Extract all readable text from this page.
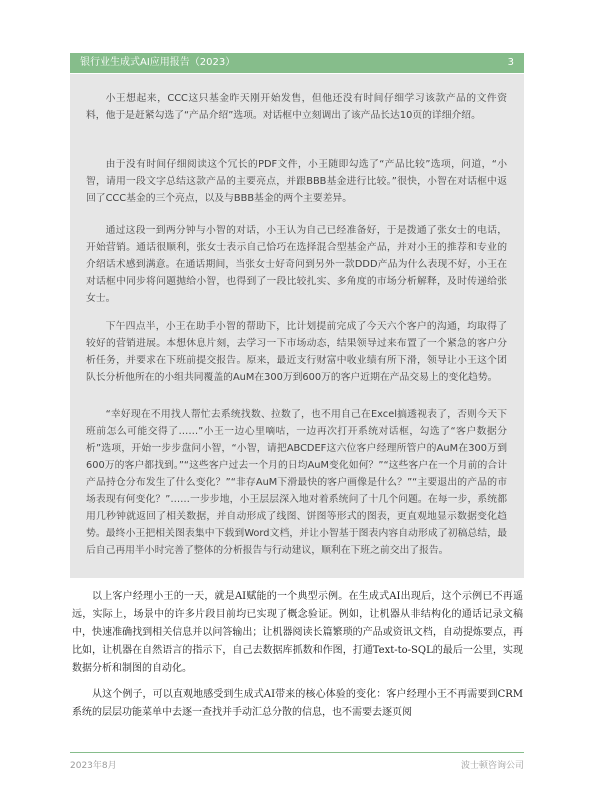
银行业生成式AI应用报告（2023）	3

小王想起来，CCC这只基金昨天刚开始发售，但他还没有时间仔细学习该款产品的文件资料，他于是赶紧勾选了“产品介绍”选项。对话框中立刻调出了该产品长达10页的详细介绍。

由于没有时间仔细阅读这个冗长的PDF文件，小王随即勾选了“产品比较”选项，问道，“小智，请用一段文字总结这款产品的主要亮点，并跟BBB基金进行比较。”很快，小智在对话框中返回了CCC基金的三个亮点，以及与BBB基金的两个主要差异。

通过这段一到两分钟与小智的对话，小王认为自己已经准备好，于是拨通了张女士的电话，开始营销。通话很顺利，张女士表示自己恰巧在选择混合型基金产品，并对小王的推荐和专业的介绍话术感到满意。在通话期间，当张女士好奇问到另外一款DDD产品为什么表现不好，小王在对话框中同步将问题抛给小智，也得到了一段比较扎实、多角度的市场分析解释，及时传递给张女士。

下午四点半，小王在助手小智的帮助下，比计划提前完成了今天六个客户的沟通，均取得了较好的营销进展。本想休息片刻，去学习一下市场动态，结果领导过来布置了一个紧急的客户分析任务，并要求在下班前提交报告。原来，最近支行财富中收业绩有所下滑，领导让小王这个团队长分析他所在的小组共同覆盖的AuM在300万到600万的客户近期在产品交易上的变化趋势。

“幸好现在不用找人帮忙去系统找数、拉数了，也不用自己在Excel搞透视表了，否则今天下班前怎么可能交得了……”小王一边心里嘀咕，一边再次打开系统对话框，勾选了“客户数据分析”选项，开始一步步盘问小智，“小智，请把ABCDEF这六位客户经理所管户的AuM在300万到600万的客户都找到。”“这些客户过去一个月的日均AuM变化如何？”“这些客户在一个月前的合计产品持仓分布发生了什么变化？”“非存AuM下滑最快的客户画像是什么？”“主要退出的产品的市场表现有何变化？”……一步步地，小王层层深入地对着系统问了十几个问题。在每一步，系统都用几秒钟就返回了相关数据，并自动形成了线图、饼图等形式的图表，更直观地显示数据变化趋势。最终小王把相关图表集中下载到Word文档，并让小智基于图表内容自动形成了初稿总结，最后自己再用半小时完善了整体的分析报告与行动建议，顺利在下班之前交出了报告。

以上客户经理小王的一天，就是AI赋能的一个典型示例。在生成式AI出现后，这个示例已不再遥远，实际上，场景中的许多片段目前均已实现了概念验证。例如，让机器从非结构化的通话记录文稿中，快速准确找到相关信息并以问答输出；让机器阅读长篇繁琐的产品或资讯文档，自动提炼要点，再比如，让机器在自然语言的指示下，自己去数据库抓数和作图，打通Text-to-SQL的最后一公里，实现数据分析和制图的自动化。

从这个例子，可以直观地感受到生成式AI带来的核心体验的变化：客户经理小王不再需要到CRM系统的层层功能菜单中去逐一查找并手动汇总分散的信息，也不需要去逐页阅

2023年8月	波士顿咨询公司
